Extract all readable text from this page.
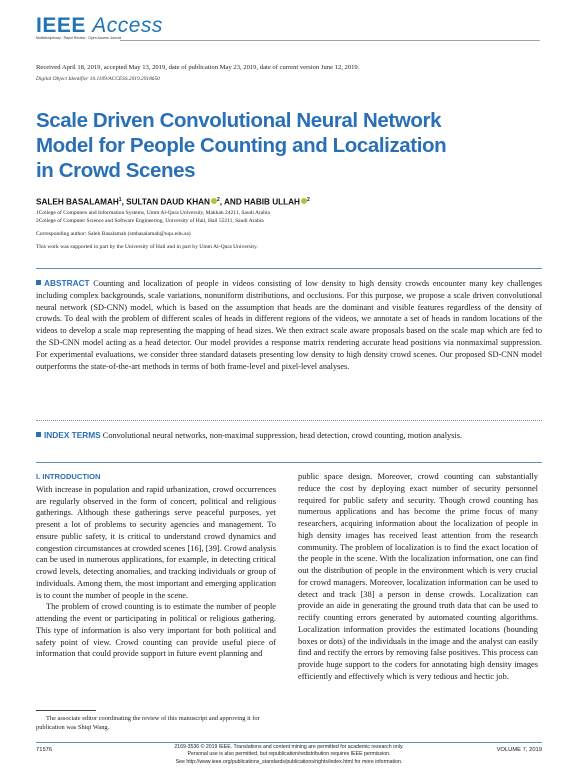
IEEE Access
Multidisciplinary : Rapid Review : Open Access Journal
Received April 18, 2019, accepted May 13, 2019, date of publication May 23, 2019, date of current version June 12, 2019.
Digital Object Identifier 10.1109/ACCESS.2019.2918650
Scale Driven Convolutional Neural Network Model for People Counting and Localization in Crowd Scenes
SALEH BASALAMAH$^1$, SULTAN DAUD KHAN $^2$, AND HABIB ULLAH $^2$
1College of Computers and Information Systems, Umm Al-Qura University, Makkah 24211, Saudi Arabia
2College of Computer Science and Software Engineering, University of Hail, Hail 55211, Saudi Arabia
Corresponding author: Saleh Basalamah (smbasalamah@uqu.edu.sa)
This work was supported in part by the University of Hail and in part by Umm Al-Qura University.
ABSTRACT Counting and localization of people in videos consisting of low density to high density crowds encounter many key challenges including complex backgrounds, scale variations, nonuniform distributions, and occlusions. For this purpose, we propose a scale driven convolutional neural network (SD-CNN) model, which is based on the assumption that heads are the dominant and visible features regardless of the density of crowds. To deal with the problem of different scales of heads in different regions of the videos, we annotate a set of heads in random locations of the videos to develop a scale map representing the mapping of head sizes. We then extract scale aware proposals based on the scale map which are fed to the SD-CNN model acting as a head detector. Our model provides a response matrix rendering accurate head positions via nonmaximal suppression. For experimental evaluations, we consider three standard datasets presenting low density to high density crowd scenes. Our proposed SD-CNN model outperforms the state-of-the-art methods in terms of both frame-level and pixel-level analyses.
INDEX TERMS Convolutional neural networks, non-maximal suppression, head detection, crowd counting, motion analysis.
I. INTRODUCTION

With increase in population and rapid urbanization, crowd occurrences are regularly observed in the form of concert, political and religious gatherings. Although these gatherings serve peaceful purposes, yet present a lot of problems to security agencies and management. To ensure public safety, it is critical to understand crowd dynamics and congestion circumstances at crowded scenes [16], [39]. Crowd analysis can be used in numerous applications, for example, in detecting critical crowd levels, detecting anomalies, and tracking individuals or group of individuals. Among them, the most important and emerging application is to count the number of people in the scene.

The problem of crowd counting is to estimate the number of people attending the event or participating in political or religious gathering. This type of information is also very important for both political and safety point of view. Crowd counting can provide useful piece of information that could provide support in future event planning and

public space design. Moreover, crowd counting can substantially reduce the cost by deploying exact number of security personnel required for public safety and security. Though crowd counting has numerous applications and has become the prime focus of many researchers, acquiring information about the localization of people in high density images has received least attention from the research community. The problem of localization is to find the exact location of the people in the scene. With the localization information, one can find out the distribution of people in the environment which is very crucial for crowd managers. Moreover, localization information can be used to detect and track [38] a person in dense crowds. Localization can provide an aide in generating the ground truth data that can be used to rectify counting errors generated by automated counting algorithms. Localization information provides the estimated locations (bounding boxes or dots) of the individuals in the image and the analyst can easily find and rectify the errors by removing false positives. This process can provide huge support to the coders for annotating high density images efficiently and effectively which is very tedious and hectic job.

The associate editor coordinating the review of this manuscript and approving it for publication was Shiqi Wang.
71576	2169-3536 © 2019 IEEE. Translations and content mining are permitted for academic research only.
Personal use is also permitted, but republication/redistribution requires IEEE permission.
See http://www.ieee.org/publications_standards/publications/rights/index.html for more information.
VOLUME 7, 2019
